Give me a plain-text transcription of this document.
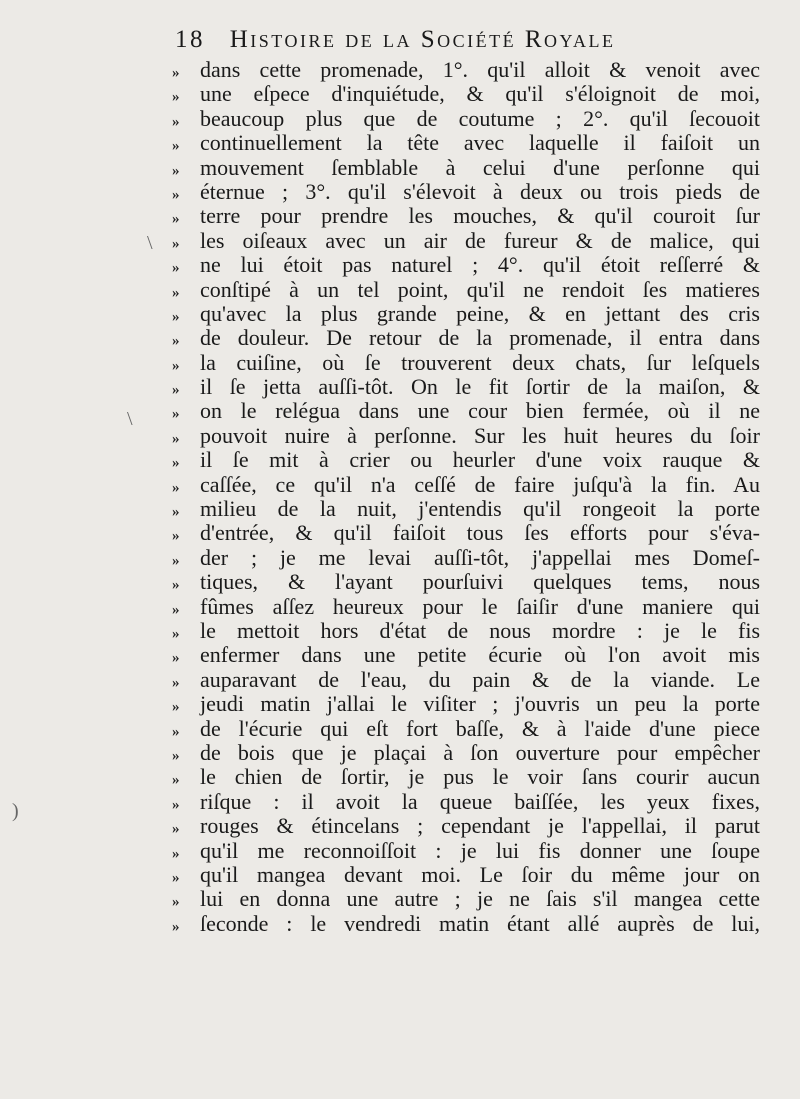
18 Histoire de la Société Royale
\
\
)
» dans cette promenade, 1°. qu'il alloit & venoit avec
» une eſpece d'inquiétude, & qu'il s'éloignoit de moi,
» beaucoup plus que de coutume ; 2°. qu'il ſecouoit
» continuellement la tête avec laquelle il faiſoit un
» mouvement ſemblable à celui d'une perſonne qui
» éternue ; 3°. qu'il s'élevoit à deux ou trois pieds de
» terre pour prendre les mouches, & qu'il couroit ſur
» les oiſeaux avec un air de fureur & de malice, qui
» ne lui étoit pas naturel ; 4°. qu'il étoit reſſerré &
» conſtipé à un tel point, qu'il ne rendoit ſes matieres
» qu'avec la plus grande peine, & en jettant des cris
» de douleur. De retour de la promenade, il entra dans
» la cuiſine, où ſe trouverent deux chats, ſur leſquels
» il ſe jetta auſſi-tôt. On le fit ſortir de la maiſon, &
» on le relégua dans une cour bien fermée, où il ne
» pouvoit nuire à perſonne. Sur les huit heures du ſoir
» il ſe mit à crier ou heurler d'une voix rauque &
» caſſée, ce qu'il n'a ceſſé de faire juſqu'à la fin. Au
» milieu de la nuit, j'entendis qu'il rongeoit la porte
» d'entrée, & qu'il faiſoit tous ſes efforts pour s'éva-
» der ; je me levai auſſi-tôt, j'appellai mes Domeſ-
» tiques, & l'ayant pourſuivi quelques tems, nous
» fûmes aſſez heureux pour le ſaiſir d'une maniere qui
» le mettoit hors d'état de nous mordre : je le fis
» enfermer dans une petite écurie où l'on avoit mis
» auparavant de l'eau, du pain & de la viande. Le
» jeudi matin j'allai le viſiter ; j'ouvris un peu la porte
» de l'écurie qui eſt fort baſſe, & à l'aide d'une piece
» de bois que je plaçai à ſon ouverture pour empêcher
» le chien de ſortir, je pus le voir ſans courir aucun
» riſque : il avoit la queue baiſſée, les yeux fixes,
» rouges & étincelans ; cependant je l'appellai, il parut
» qu'il me reconnoiſſoit : je lui fis donner une ſoupe
» qu'il mangea devant moi. Le ſoir du même jour on
» lui en donna une autre ; je ne ſais s'il mangea cette
» ſeconde : le vendredi matin étant allé auprès de lui,
